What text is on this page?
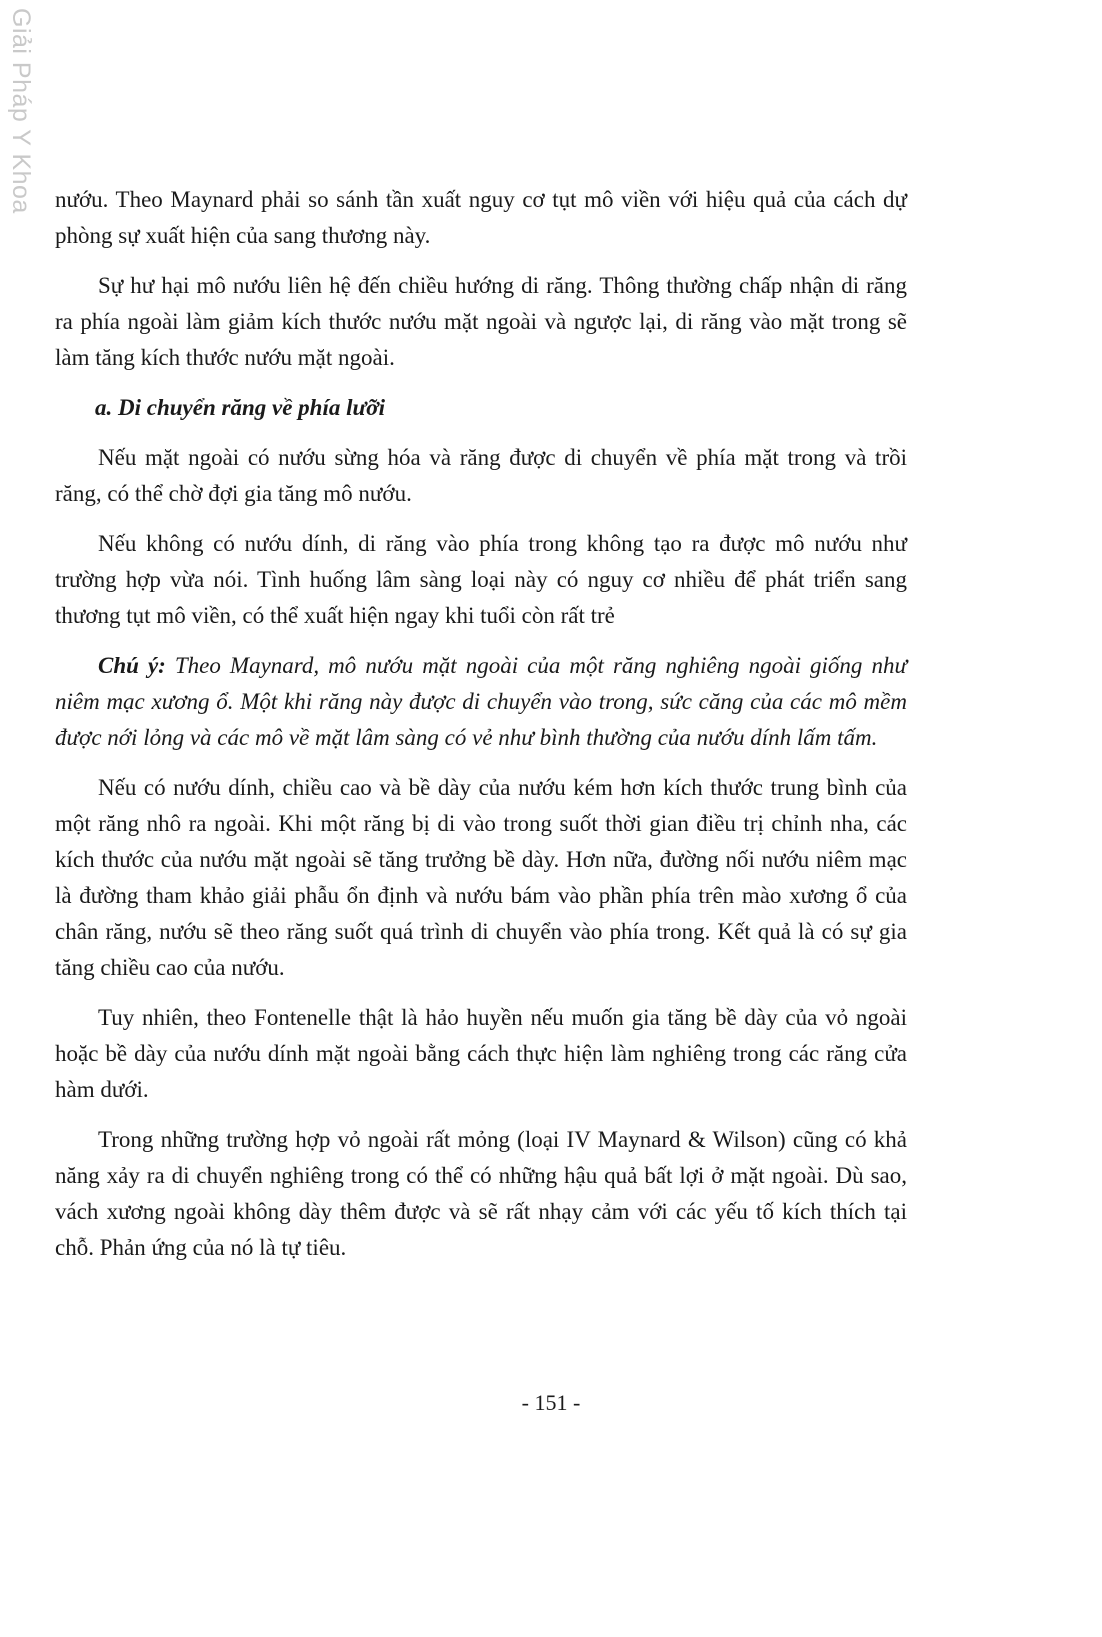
Giải Pháp Y Khoa nướu. Theo Maynard phải so sánh tần xuất nguy cơ tụt mô viền với hiệu quả của cách dự phòng sự xuất hiện của sang thương này.

Sự hư hại mô nướu liên hệ đến chiều hướng di răng. Thông thường chấp nhận di răng ra phía ngoài làm giảm kích thước nướu mặt ngoài và ngược lại, di răng vào mặt trong sẽ làm tăng kích thước nướu mặt ngoài.

a. Di chuyển răng về phía lưỡi

Nếu mặt ngoài có nướu sừng hóa và răng được di chuyển về phía mặt trong và trồi răng, có thể chờ đợi gia tăng mô nướu.

Nếu không có nướu dính, di răng vào phía trong không tạo ra được mô nướu như trường hợp vừa nói. Tình huống lâm sàng loại này có nguy cơ nhiều để phát triển sang thương tụt mô viền, có thể xuất hiện ngay khi tuổi còn rất trẻ

Chú ý: Theo Maynard, mô nướu mặt ngoài của một răng nghiêng ngoài giống như niêm mạc xương ổ. Một khi răng này được di chuyển vào trong, sức căng của các mô mềm được nới lỏng và các mô về mặt lâm sàng có vẻ như bình thường của nướu dính lấm tấm.

Nếu có nướu dính, chiều cao và bề dày của nướu kém hơn kích thước trung bình của một răng nhô ra ngoài. Khi một răng bị di vào trong suốt thời gian điều trị chỉnh nha, các kích thước của nướu mặt ngoài sẽ tăng trưởng bề dày. Hơn nữa, đường nối nướu niêm mạc là đường tham khảo giải phẫu ổn định và nướu bám vào phần phía trên mào xương ổ của chân răng, nướu sẽ theo răng suốt quá trình di chuyển vào phía trong. Kết quả là có sự gia tăng chiều cao của nướu.

Tuy nhiên, theo Fontenelle thật là hảo huyền nếu muốn gia tăng bề dày của vỏ ngoài hoặc bề dày của nướu dính mặt ngoài bằng cách thực hiện làm nghiêng trong các răng cửa hàm dưới.

Trong những trường hợp vỏ ngoài rất mỏng (loại IV Maynard & Wilson) cũng có khả năng xảy ra di chuyển nghiêng trong có thể có những hậu quả bất lợi ở mặt ngoài. Dù sao, vách xương ngoài không dày thêm được và sẽ rất nhạy cảm với các yếu tố kích thích tại chỗ. Phản ứng của nó là tự tiêu.

- 151 -
